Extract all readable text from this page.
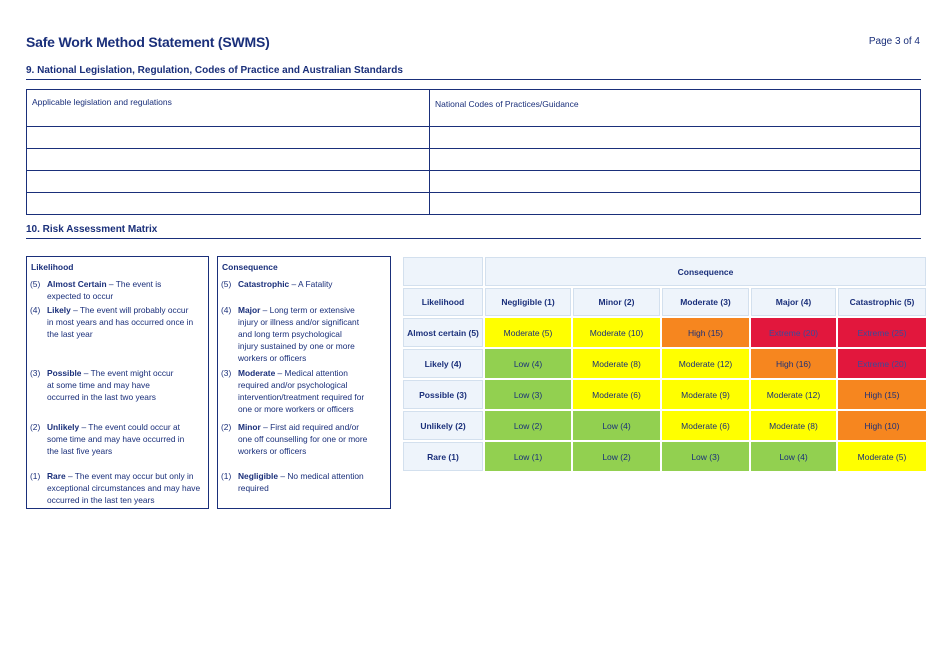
Safe Work Method Statement (SWMS)	Page 3 of 4
9. National Legislation, Regulation, Codes of Practice and Australian Standards
Applicable legislation and regulations	National Codes of Practices/Guidance

10. Risk Assessment Matrix
Likelihood
(5) Almost Certain – The event is
expected to occur
(4) Likely – The event will probably occur
in most years and has occurred once in
the last year
(3) Possible – The event might occur
at some time and may have
occurred in the last two years
(2) Unlikely – The event could occur at
some time and may have occurred in
the last five years
(1) Rare – The event may occur but only in
exceptional circumstances and may have
occurred in the last ten years
Consequence
(5) Catastrophic – A Fatality
(4) Major – Long term or extensive
injury or illness and/or significant
and long term psychological
injury sustained by one or more
workers or officers
(3) Moderate – Medical attention
required and/or psychological
intervention/treatment required for
one or more workers or officers
(2) Minor – First aid required and/or
one off counselling for one or more
workers or officers
(1) Negligible – No medical attention
required
	Consequence				
Likelihood	Negligible (1)	Minor (2)	Moderate (3)	Major (4)	Catastrophic (5)
Almost certain (5)	Moderate (5)	Moderate (10)	High (15)	Extreme (20)	Extreme (25)
Likely (4)	Low (4)	Moderate (8)	Moderate (12)	High (16)	Extreme (20)
Possible (3)	Low (3)	Moderate (6)	Moderate (9)	Moderate (12)	High (15)
Unlikely (2)	Low (2)	Low (4)	Moderate (6)	Moderate (8)	High (10)
Rare (1)	Low (1)	Low (2)	Low (3)	Low (4)	Moderate (5)
